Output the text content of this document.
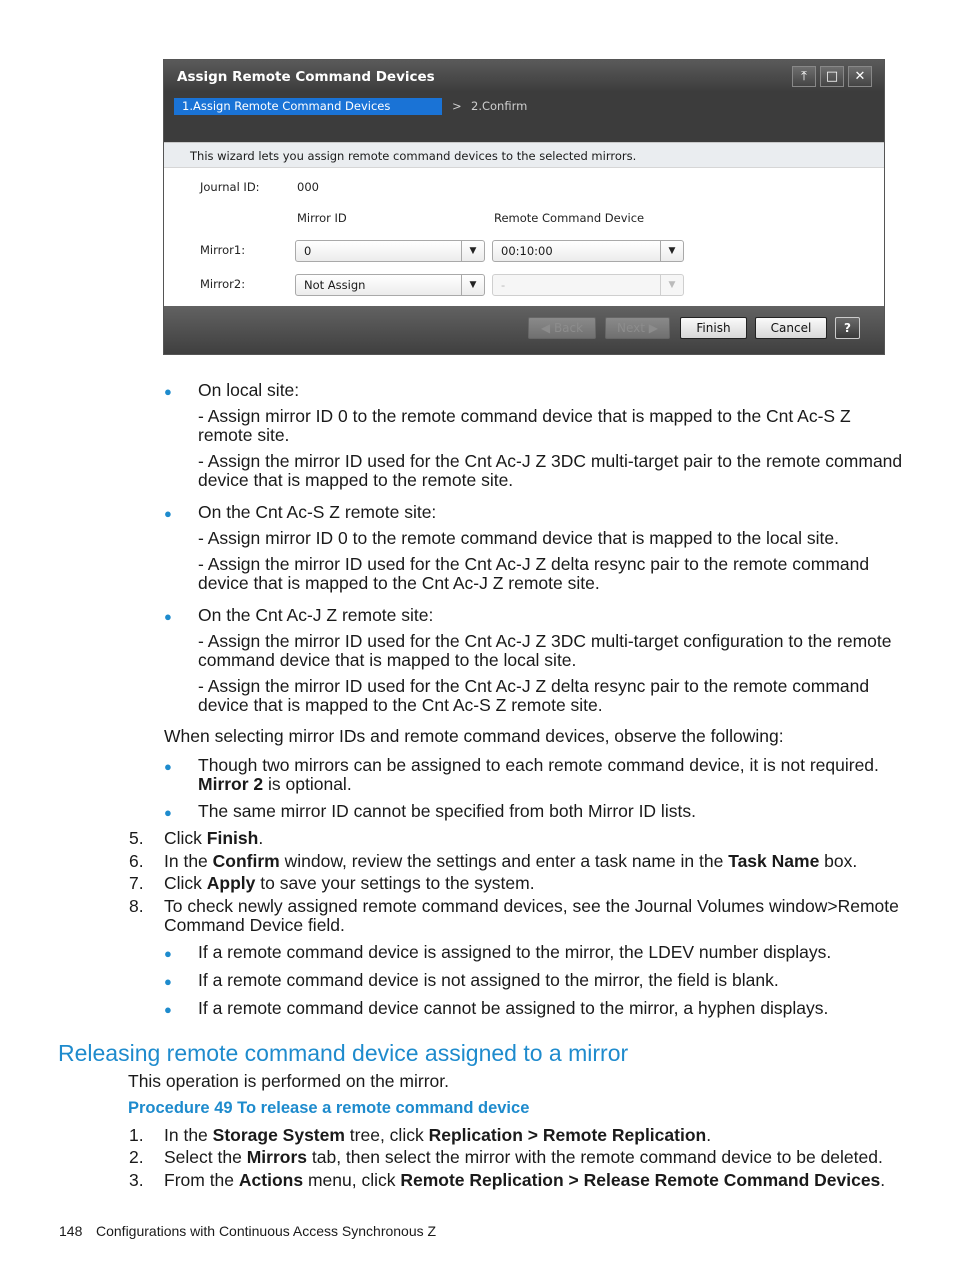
Assign Remote Command Devices	⤒	□	✕
1.Assign Remote Command Devices	> 2.Confirm
This wizard lets you assign remote command devices to the selected mirrors.
Journal ID:	000
Mirror ID	Remote Command Device
Mirror1:	0	▼	00:10:00	▼
Mirror2:	Not Assign	▼	-	▼
◀ Back	Next ▶	Finish	Cancel	?
● On local site:
- Assign mirror ID 0 to the remote command device that is mapped to the Cnt Ac-S Z
remote site.
- Assign the mirror ID used for the Cnt Ac-J Z 3DC multi-target pair to the remote command
device that is mapped to the remote site.
● On the Cnt Ac-S Z remote site:
- Assign mirror ID 0 to the remote command device that is mapped to the local site.
- Assign the mirror ID used for the Cnt Ac-J Z delta resync pair to the remote command
device that is mapped to the Cnt Ac-J Z remote site.
● On the Cnt Ac-J Z remote site:
- Assign the mirror ID used for the Cnt Ac-J Z 3DC multi-target configuration to the remote
command device that is mapped to the local site.
- Assign the mirror ID used for the Cnt Ac-J Z delta resync pair to the remote command
device that is mapped to the Cnt Ac-S Z remote site.
When selecting mirror IDs and remote command devices, observe the following:
● Though two mirrors can be assigned to each remote command device, it is not required.
Mirror 2 is optional.
● The same mirror ID cannot be specified from both Mirror ID lists.
5. Click Finish.
6. In the Confirm window, review the settings and enter a task name in the Task Name box.
7. Click Apply to save your settings to the system.
8. To check newly assigned remote command devices, see the Journal Volumes window>Remote
Command Device field.
● If a remote command device is assigned to the mirror, the LDEV number displays.
● If a remote command device is not assigned to the mirror, the field is blank.
● If a remote command device cannot be assigned to the mirror, a hyphen displays.
Releasing remote command device assigned to a mirror
This operation is performed on the mirror.
Procedure 49 To release a remote command device
1. In the Storage System tree, click Replication > Remote Replication.
2. Select the Mirrors tab, then select the mirror with the remote command device to be deleted.
3. From the Actions menu, click Remote Replication > Release Remote Command Devices.
148 Configurations with Continuous Access Synchronous Z
